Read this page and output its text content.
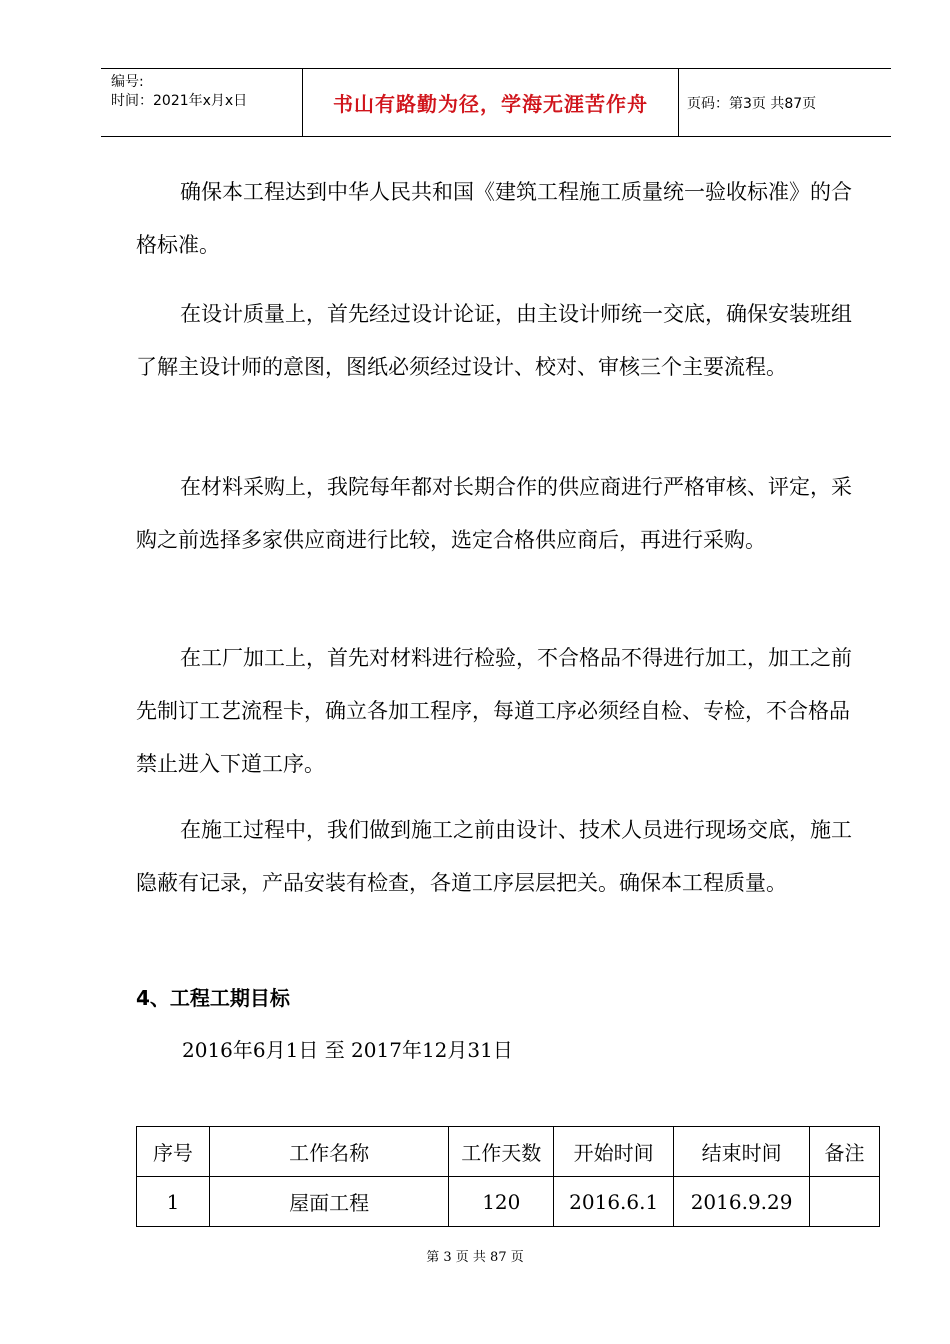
编号:
时间：2021年x月x日	书山有路勤为径，学海无涯苦作舟	页码：第3页 共87页

确保本工程达到中华人民共和国《建筑工程施工质量统一验收标准》的合格标准。

在设计质量上，首先经过设计论证，由主设计师统一交底，确保安装班组了解主设计师的意图，图纸必须经过设计、校对、审核三个主要流程。

在材料采购上，我院每年都对长期合作的供应商进行严格审核、评定，采购之前选择多家供应商进行比较，选定合格供应商后，再进行采购。

在工厂加工上，首先对材料进行检验，不合格品不得进行加工，加工之前先制订工艺流程卡，确立各加工程序，每道工序必须经自检、专检，不合格品禁止进入下道工序。

在施工过程中，我们做到施工之前由设计、技术人员进行现场交底，施工隐蔽有记录，产品安装有检查，各道工序层层把关。确保本工程质量。

4、工程工期目标

2016年6月1日 至 2017年12月31日

序号	工作名称	工作天数	开始时间	结束时间	备注
1	屋面工程	120	2016.6.1	2016.9.29	
第 3 页 共 87 页
